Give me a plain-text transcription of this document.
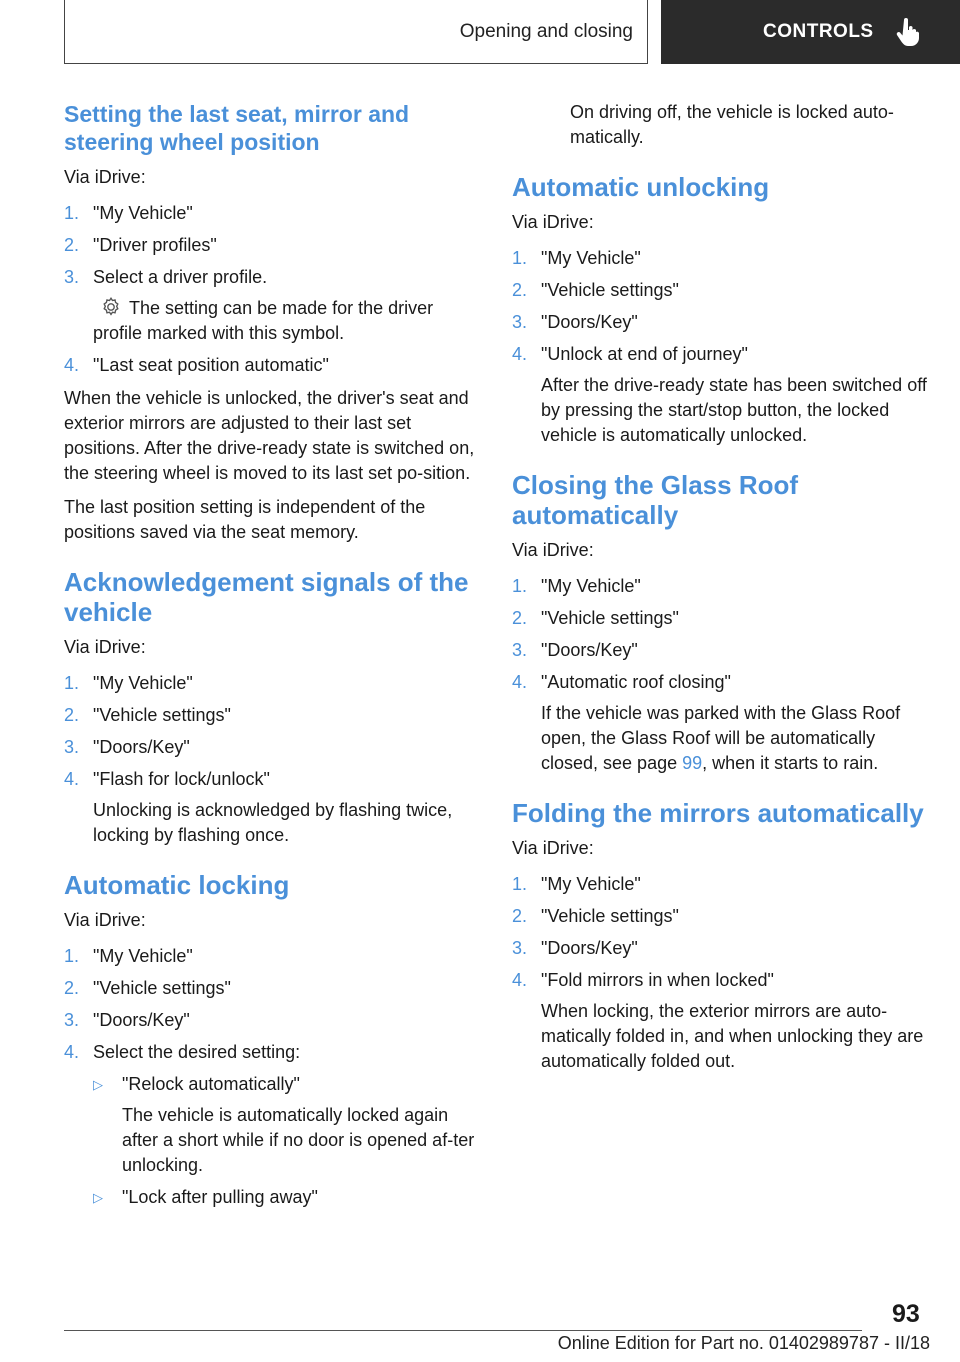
Opening and closing	CONTROLS
Setting the last seat, mirror and steering wheel position

Via iDrive:

1. "My Vehicle"
2. "Driver profiles"
3. Select a driver profile.
The setting can be made for the driver profile marked with this symbol.
4. "Last seat position automatic"

When the vehicle is unlocked, the driver's seat and exterior mirrors are adjusted to their last set positions. After the drive-ready state is switched on, the steering wheel is moved to its last set po-sition.

The last position setting is independent of the positions saved via the seat memory.

Acknowledgement signals of the vehicle

Via iDrive:

1. "My Vehicle"
2. "Vehicle settings"
3. "Doors/Key"
4. "Flash for lock/unlock"
Unlocking is acknowledged by flashing twice, locking by flashing once.
Automatic locking

Via iDrive:

1. "My Vehicle"
2. "Vehicle settings"
3. "Doors/Key"
4. Select the desired setting:
▷ "Relock automatically"
The vehicle is automatically locked again after a short while if no door is opened af-ter unlocking.
▷ "Lock after pulling away"

On driving off, the vehicle is locked auto-matically.

Automatic unlocking

Via iDrive:

1. "My Vehicle"
2. "Vehicle settings"
3. "Doors/Key"
4. "Unlock at end of journey"
After the drive-ready state has been switched off by pressing the start/stop button, the locked vehicle is automatically unlocked.
Closing the Glass Roof automatically

Via iDrive:

1. "My Vehicle"
2. "Vehicle settings"
3. "Doors/Key"
4. "Automatic roof closing"
If the vehicle was parked with the Glass Roof open, the Glass Roof will be automatically closed, see page 99, when it starts to rain.
Folding the mirrors automatically

Via iDrive:

1. "My Vehicle"
2. "Vehicle settings"
3. "Doors/Key"
4. "Fold mirrors in when locked"
When locking, the exterior mirrors are auto-matically folded in, and when unlocking they are automatically folded out.
93
Online Edition for Part no. 01402989787 - II/18
